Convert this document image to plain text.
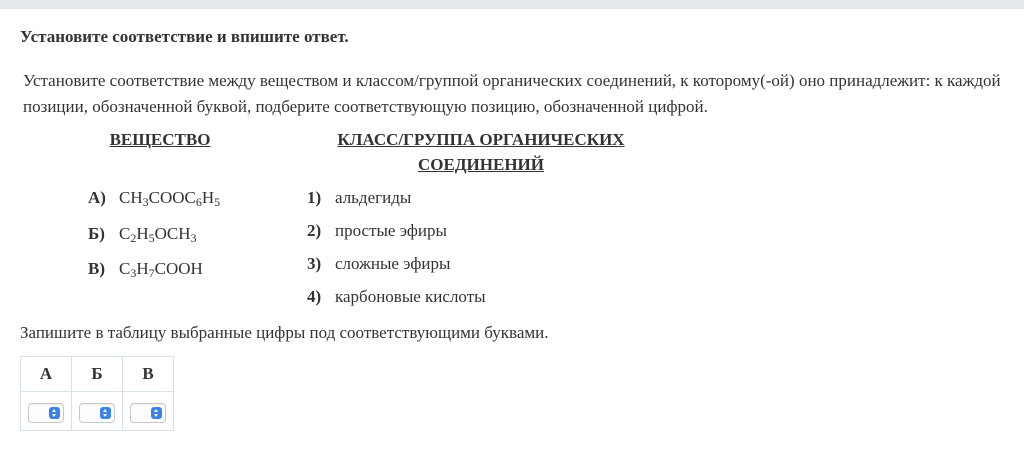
Установите соответствие и впишите ответ.
Установите соответствие между веществом и классом/группой органических соединений, к которому(-ой) оно принадлежит: к каждой позиции, обозначенной буквой, подберите соответствующую позицию, обозначенной цифрой.
ВЕЩЕСТВО	КЛАСС/ГРУППА ОРГАНИЧЕСКИХ
СОЕДИНЕНИЙ
А) $CH_3COOC_6H_5$
Б) $C_2H_5OCH_3$
В) $C_3H_7COOH$
1) альдегиды
2) простые эфиры
3) сложные эфиры
4) карбоновые кислоты
Запишите в таблицу выбранные цифры под соответствующими буквами.
А	Б	В
